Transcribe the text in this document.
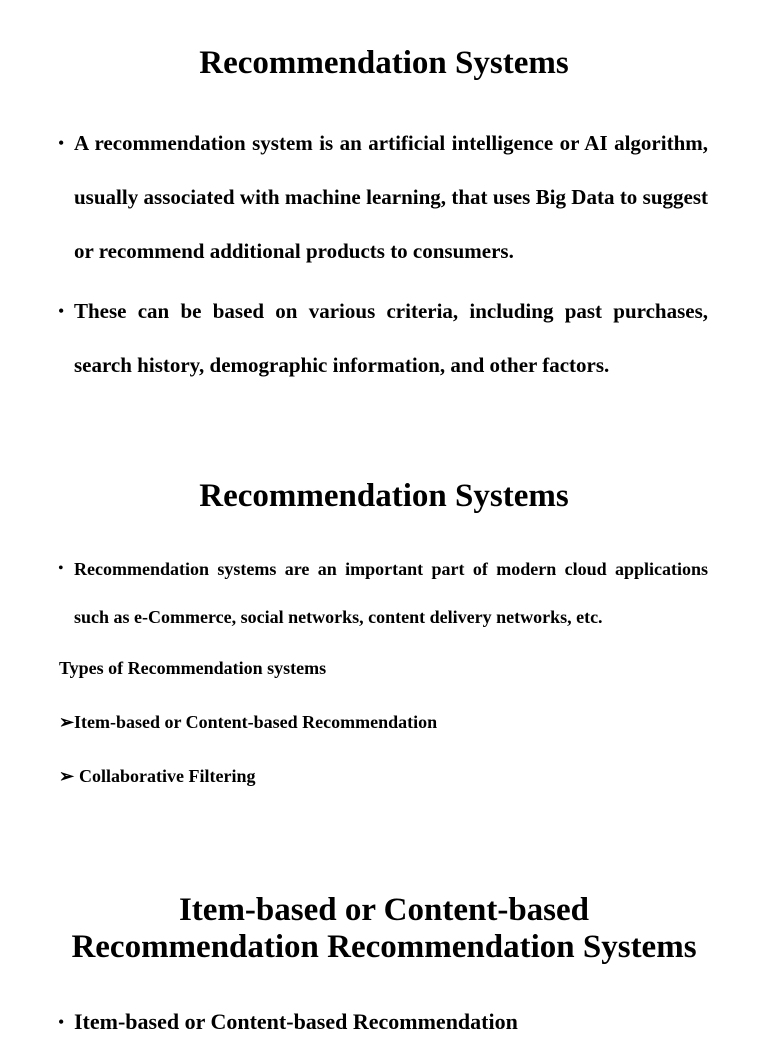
Recommendation Systems
• A recommendation system is an artificial intelligence or AI algorithm, usually associated with machine learning, that uses Big Data to suggest or recommend additional products to consumers.
• These can be based on various criteria, including past purchases, search history, demographic information, and other factors.
Recommendation Systems
• Recommendation systems are an important part of modern cloud applications such as e-Commerce, social networks, content delivery networks, etc.

Types of Recommendation systems

➢ Item-based or Content-based Recommendation

➢ Collaborative Filtering

Item-based or Content-based
Recommendation Recommendation Systems
• Item-based or Content-based Recommendation
